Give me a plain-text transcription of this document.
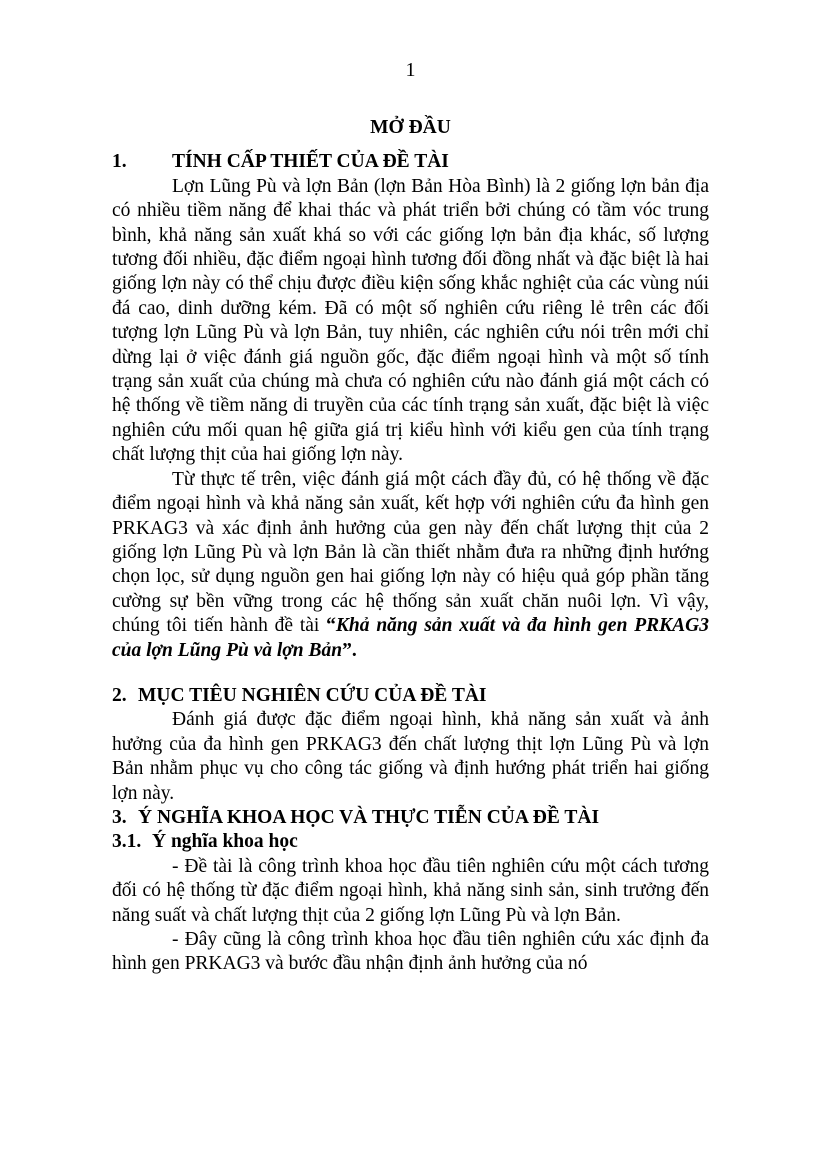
1
MỞ ĐẦU
1. TÍNH CẤP THIẾT CỦA ĐỀ TÀI

Lợn Lũng Pù và lợn Bản (lợn Bản Hòa Bình) là 2 giống lợn bản địa có nhiều tiềm năng để khai thác và phát triển bởi chúng có tầm vóc trung bình, khả năng sản xuất khá so với các giống lợn bản địa khác, số lượng tương đối nhiều, đặc điểm ngoại hình tương đối đồng nhất và đặc biệt là hai giống lợn này có thể chịu được điều kiện sống khắc nghiệt của các vùng núi đá cao, dinh dưỡng kém. Đã có một số nghiên cứu riêng lẻ trên các đối tượng lợn Lũng Pù và lợn Bản, tuy nhiên, các nghiên cứu nói trên mới chỉ dừng lại ở việc đánh giá nguồn gốc, đặc điểm ngoại hình và một số tính trạng sản xuất của chúng mà chưa có nghiên cứu nào đánh giá một cách có hệ thống về tiềm năng di truyền của các tính trạng sản xuất, đặc biệt là việc nghiên cứu mối quan hệ giữa giá trị kiểu hình với kiểu gen của tính trạng chất lượng thịt của hai giống lợn này.

Từ thực tế trên, việc đánh giá một cách đầy đủ, có hệ thống về đặc điểm ngoại hình và khả năng sản xuất, kết hợp với nghiên cứu đa hình gen PRKAG3 và xác định ảnh hưởng của gen này đến chất lượng thịt của 2 giống lợn Lũng Pù và lợn Bản là cần thiết nhằm đưa ra những định hướng chọn lọc, sử dụng nguồn gen hai giống lợn này có hiệu quả góp phần tăng cường sự bền vững trong các hệ thống sản xuất chăn nuôi lợn. Vì vậy, chúng tôi tiến hành đề tài “Khả năng sản xuất và đa hình gen PRKAG3 của lợn Lũng Pù và lợn Bản”.

2. MỤC TIÊU NGHIÊN CỨU CỦA ĐỀ TÀI

Đánh giá được đặc điểm ngoại hình, khả năng sản xuất và ảnh hưởng của đa hình gen PRKAG3 đến chất lượng thịt lợn Lũng Pù và lợn Bản nhằm phục vụ cho công tác giống và định hướng phát triển hai giống lợn này.

3. Ý NGHĨA KHOA HỌC VÀ THỰC TIỄN CỦA ĐỀ TÀI
3.1. Ý nghĩa khoa học

- Đề tài là công trình khoa học đầu tiên nghiên cứu một cách tương đối có hệ thống từ đặc điểm ngoại hình, khả năng sinh sản, sinh trưởng đến năng suất và chất lượng thịt của 2 giống lợn Lũng Pù và lợn Bản.

- Đây cũng là công trình khoa học đầu tiên nghiên cứu xác định đa hình gen PRKAG3 và bước đầu nhận định ảnh hưởng của nó
